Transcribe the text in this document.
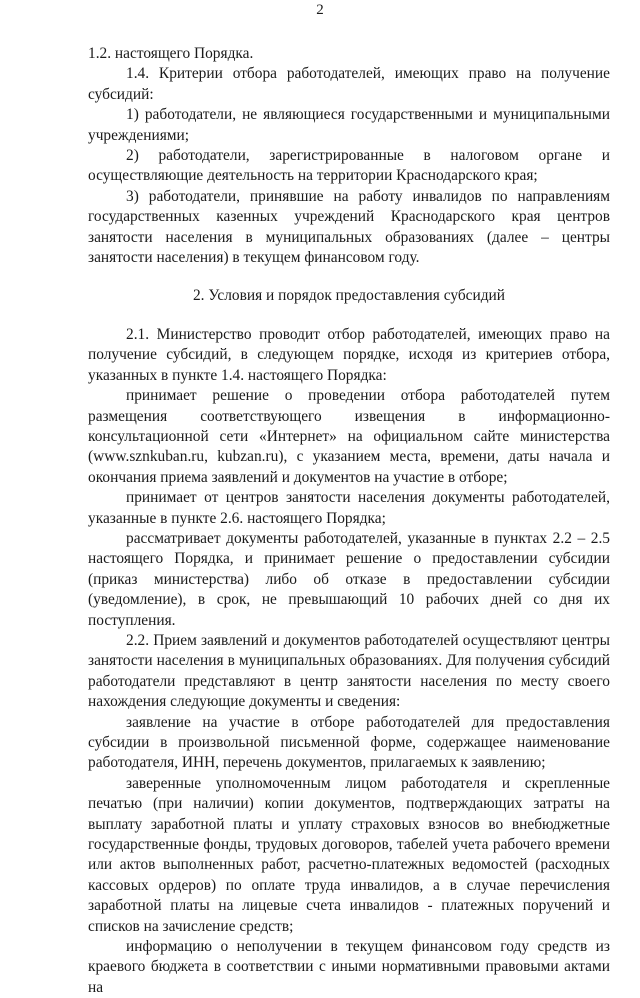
2

1.2. настоящего Порядка.

1.4. Критерии отбора работодателей, имеющих право на получение субсидий:

1) работодатели, не являющиеся государственными и муниципальными учреждениями;

2) работодатели, зарегистрированные в налоговом органе и осуществляющие деятельность на территории Краснодарского края;

3) работодатели, принявшие на работу инвалидов по направлениям государственных казенных учреждений Краснодарского края центров занятости населения в муниципальных образованиях (далее – центры занятости населения) в текущем финансовом году.

2. Условия и порядок предоставления субсидий

2.1. Министерство проводит отбор работодателей, имеющих право на получение субсидий, в следующем порядке, исходя из критериев отбора, указанных в пункте 1.4. настоящего Порядка:

принимает решение о проведении отбора работодателей путем размещения соответствующего извещения в информационно-консультационной сети «Интернет» на официальном сайте министерства (www.sznkuban.ru, kubzan.ru), с указанием места, времени, даты начала и окончания приема заявлений и документов на участие в отборе;

принимает от центров занятости населения документы работодателей, указанные в пункте 2.6. настоящего Порядка;

рассматривает документы работодателей, указанные в пунктах 2.2 – 2.5 настоящего Порядка, и принимает решение о предоставлении субсидии (приказ министерства) либо об отказе в предоставлении субсидии (уведомление), в срок, не превышающий 10 рабочих дней со дня их поступления.

2.2. Прием заявлений и документов работодателей осуществляют центры занятости населения в муниципальных образованиях. Для получения субсидий работодатели представляют в центр занятости населения по месту своего нахождения следующие документы и сведения:

заявление на участие в отборе работодателей для предоставления субсидии в произвольной письменной форме, содержащее наименование работодателя, ИНН, перечень документов, прилагаемых к заявлению;

заверенные уполномоченным лицом работодателя и скрепленные печатью (при наличии) копии документов, подтверждающих затраты на выплату заработной платы и уплату страховых взносов во внебюджетные государственные фонды, трудовых договоров, табелей учета рабочего времени или актов выполненных работ, расчетно-платежных ведомостей (расходных кассовых ордеров) по оплате труда инвалидов, а в случае перечисления заработной платы на лицевые счета инвалидов - платежных поручений и списков на зачисление средств;

информацию о неполучении в текущем финансовом году средств из краевого бюджета в соответствии с иными нормативными правовыми актами на
